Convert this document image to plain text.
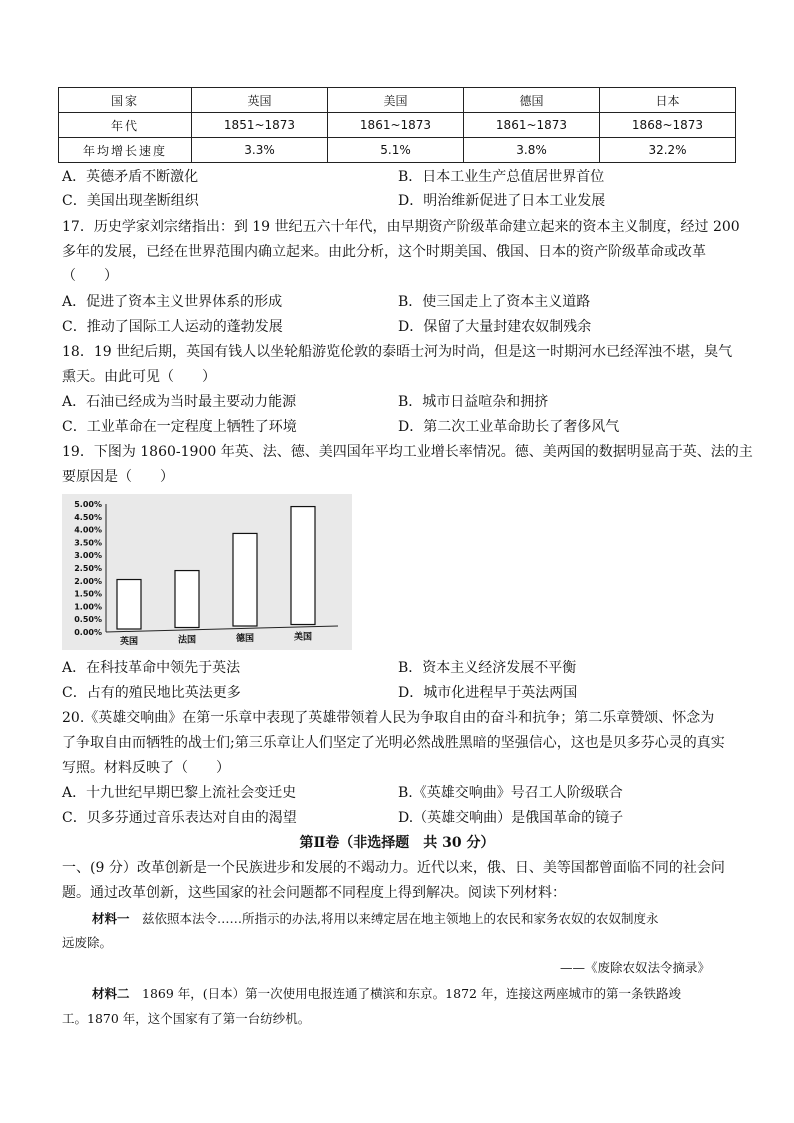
国家	英国	美国	德国	日本
年代	1851~1873	1861~1873	1861~1873	1868~1873
年均增长速度	3.3%	5.1%	3.8%	32.2%
A．英德矛盾不断激化	B．日本工业生产总值居世界首位
C．美国出现垄断组织	D．明治维新促进了日本工业发展
17．历史学家刘宗绪指出：到 19 世纪五六十年代，由早期资产阶级革命建立起来的资本主义制度，经过 200
多年的发展，已经在世界范围内确立起来。由此分析，这个时期美国、俄国、日本的资产阶级革命或改革
（　　）
A．促进了资本主义世界体系的形成	B．使三国走上了资本主义道路
C．推动了国际工人运动的蓬勃发展	D．保留了大量封建农奴制残余
18．19 世纪后期，英国有钱人以坐轮船游览伦敦的泰晤士河为时尚，但是这一时期河水已经浑浊不堪，臭气
熏天。由此可见（　　）
A．石油已经成为当时最主要动力能源	B．城市日益喧杂和拥挤
C．工业革命在一定程度上牺牲了环境	D．第二次工业革命助长了奢侈风气
19．下图为 1860-1900 年英、法、德、美四国年平均工业增长率情况。德、美两国的数据明显高于英、法的主
要原因是（　　）
0.00%
0.50%
1.00%
1.50%
2.00%
2.50%
3.00%
3.50%
4.00%
4.50%
5.00%
英国	法国	德国	美国
A．在科技革命中领先于英法	B．资本主义经济发展不平衡
C．占有的殖民地比英法更多	D．城市化进程早于英法两国
20.《英雄交响曲》在第一乐章中表现了英雄带领着人民为争取自由的奋斗和抗争；第二乐章赞颂、怀念为
了争取自由而牺牲的战士们;第三乐章让人们坚定了光明必然战胜黑暗的坚强信心，这也是贝多芬心灵的真实
写照。材料反映了（　　）
A．十九世纪早期巴黎上流社会变迁史	B.《英雄交响曲》号召工人阶级联合
C．贝多芬通过音乐表达对自由的渴望	D.（英雄交响曲）是俄国革命的镜子
第Ⅱ卷（非选择题　共 30 分）
一、(9 分）改革创新是一个民族进步和发展的不竭动力。近代以来，俄、日、美等国都曾面临不同的社会问
题。通过改革创新，这些国家的社会问题都不同程度上得到解决。阅读下列材料：
材料一　兹依照本法令……所指示的办法,将用以来缚定居在地主领地上的农民和家务农奴的农奴制度永
远废除。
——《废除农奴法令摘录》
材料二　1869 年，(日本）第一次使用电报连通了横滨和东京。1872 年，连接这两座城市的第一条铁路竣
工。1870 年，这个国家有了第一台纺纱机。
